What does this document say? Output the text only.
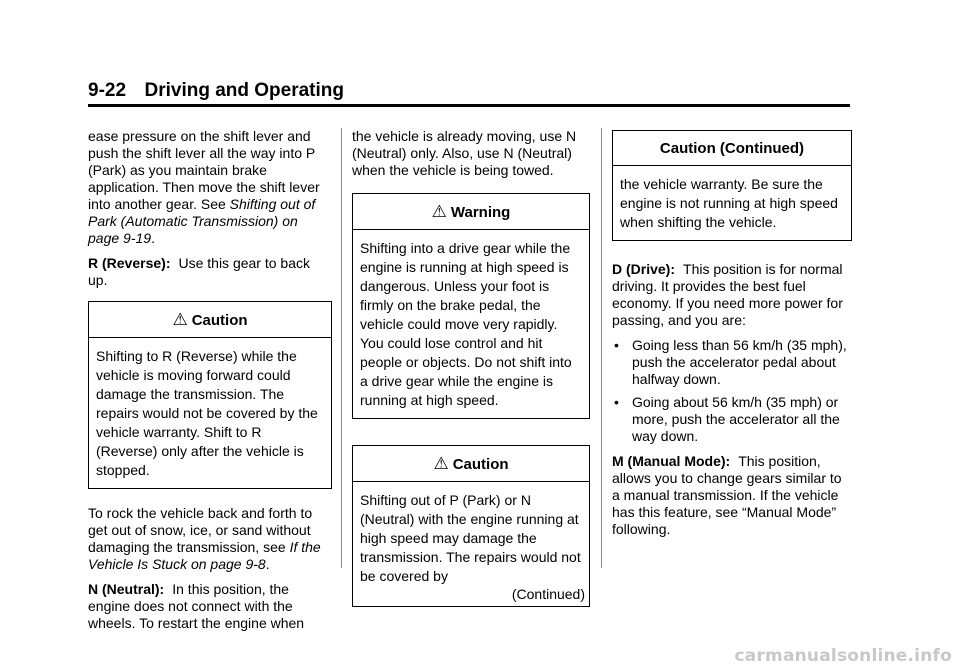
9-22 Driving and Operating

ease pressure on the shift lever and push the shift lever all the way into P (Park) as you maintain brake application. Then move the shift lever into another gear. See Shifting out of Park (Automatic Transmission) on page 9-19.

R (Reverse): Use this gear to back up.

⚠ Caution
Shifting to R (Reverse) while the vehicle is moving forward could damage the transmission. The repairs would not be covered by the vehicle warranty. Shift to R (Reverse) only after the vehicle is stopped.

To rock the vehicle back and forth to get out of snow, ice, or sand without damaging the transmission, see If the Vehicle Is Stuck on page 9-8.

N (Neutral): In this position, the engine does not connect with the wheels. To restart the engine when

the vehicle is already moving, use N (Neutral) only. Also, use N (Neutral) when the vehicle is being towed.

⚠ Warning
Shifting into a drive gear while the engine is running at high speed is dangerous. Unless your foot is firmly on the brake pedal, the vehicle could move very rapidly. You could lose control and hit people or objects. Do not shift into a drive gear while the engine is running at high speed.
⚠ Caution
Shifting out of P (Park) or N (Neutral) with the engine running at high speed may damage the transmission. The repairs would not be covered by
(Continued)
Caution (Continued)
the vehicle warranty. Be sure the engine is not running at high speed when shifting the vehicle.

D (Drive): This position is for normal driving. It provides the best fuel economy. If you need more power for passing, and you are:

• Going less than 56 km/h (35 mph), push the accelerator pedal about halfway down.
• Going about 56 km/h (35 mph) or more, push the accelerator all the way down.

M (Manual Mode): This position, allows you to change gears similar to a manual transmission. If the vehicle has this feature, see “Manual Mode” following.

carmanualsonline.info
